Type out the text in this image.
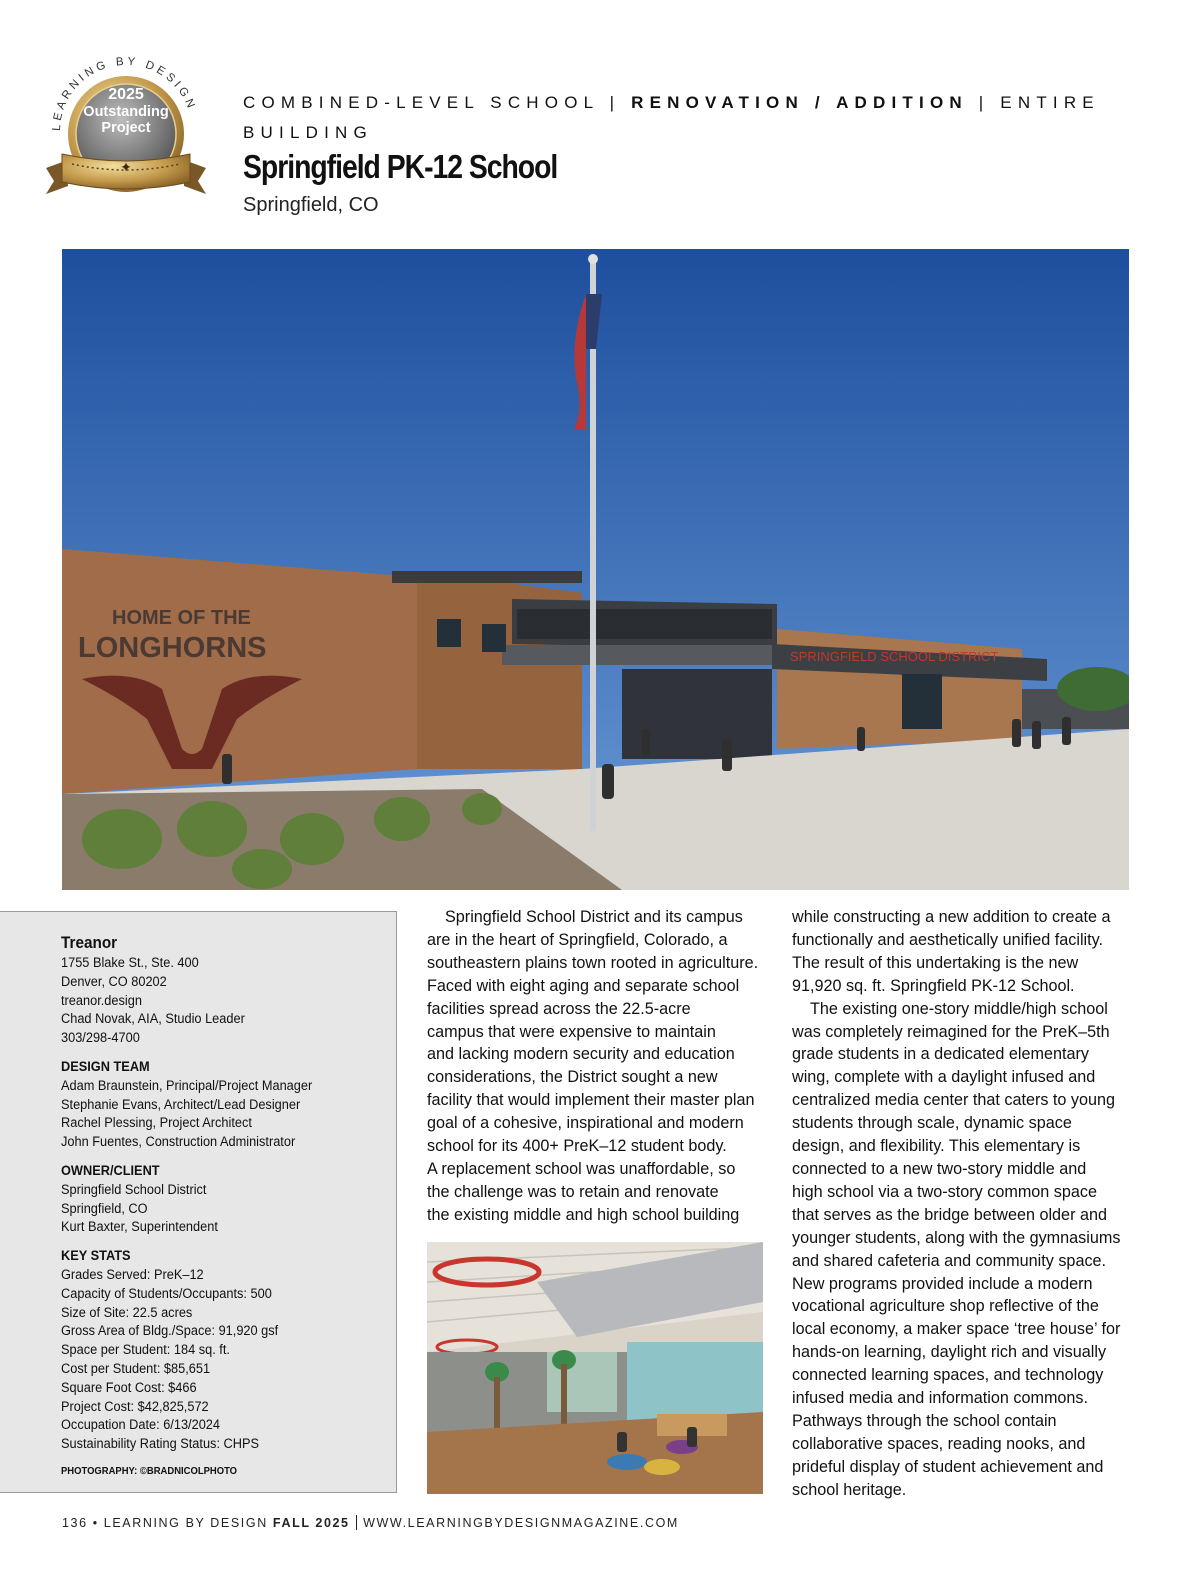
LEARNING BY DESIGN
2025
Outstanding
Project
✦
COMBINED-LEVEL SCHOOL | RENOVATION / ADDITION | ENTIRE BUILDING
Springfield PK-12 School
Springfield, CO
SPRINGFIELD SCHOOL DISTRICT
HOME OF THE
LONGHORNS
Treanor
1755 Blake St., Ste. 400
Denver, CO 80202
treanor.design
Chad Novak, AIA, Studio Leader
303/298-4700
DESIGN TEAM
Adam Braunstein, Principal/Project Manager
Stephanie Evans, Architect/Lead Designer
Rachel Plessing, Project Architect
John Fuentes, Construction Administrator
OWNER/CLIENT
Springfield School District
Springfield, CO
Kurt Baxter, Superintendent
KEY STATS
Grades Served: PreK–12
Capacity of Students/Occupants: 500
Size of Site: 22.5 acres
Gross Area of Bldg./Space: 91,920 gsf
Space per Student: 184 sq. ft.
Cost per Student: $85,651
Square Foot Cost: $466
Project Cost: $42,825,572
Occupation Date: 6/13/2024
Sustainability Rating Status: CHPS
PHOTOGRAPHY: ©BRADNICOLPHOTO
Springfield School District and its campus
are in the heart of Springfield, Colorado, a
southeastern plains town rooted in agriculture.
Faced with eight aging and separate school
facilities spread across the 22.5-acre
campus that were expensive to maintain
and lacking modern security and education
considerations, the District sought a new
facility that would implement their master plan
goal of a cohesive, inspirational and modern
school for its 400+ PreK–12 student body.
A replacement school was unaffordable, so
the challenge was to retain and renovate
the existing middle and high school building
while constructing a new addition to create a
functionally and aesthetically unified facility.
The result of this undertaking is the new
91,920 sq. ft. Springfield PK-12 School.
The existing one-story middle/high school
was completely reimagined for the PreK–5th
grade students in a dedicated elementary
wing, complete with a daylight infused and
centralized media center that caters to young
students through scale, dynamic space
design, and flexibility. This elementary is
connected to a new two-story middle and
high school via a two-story common space
that serves as the bridge between older and
younger students, along with the gymnasiums
and shared cafeteria and community space.
New programs provided include a modern
vocational agriculture shop reflective of the
local economy, a maker space ‘tree house’ for
hands-on learning, daylight rich and visually
connected learning spaces, and technology
infused media and information commons.
Pathways through the school contain
collaborative spaces, reading nooks, and
prideful display of student achievement and
school heritage.
136 • LEARNING BY DESIGN FALL 2025 WWW.LEARNINGBYDESIGNMAGAZINE.COM
